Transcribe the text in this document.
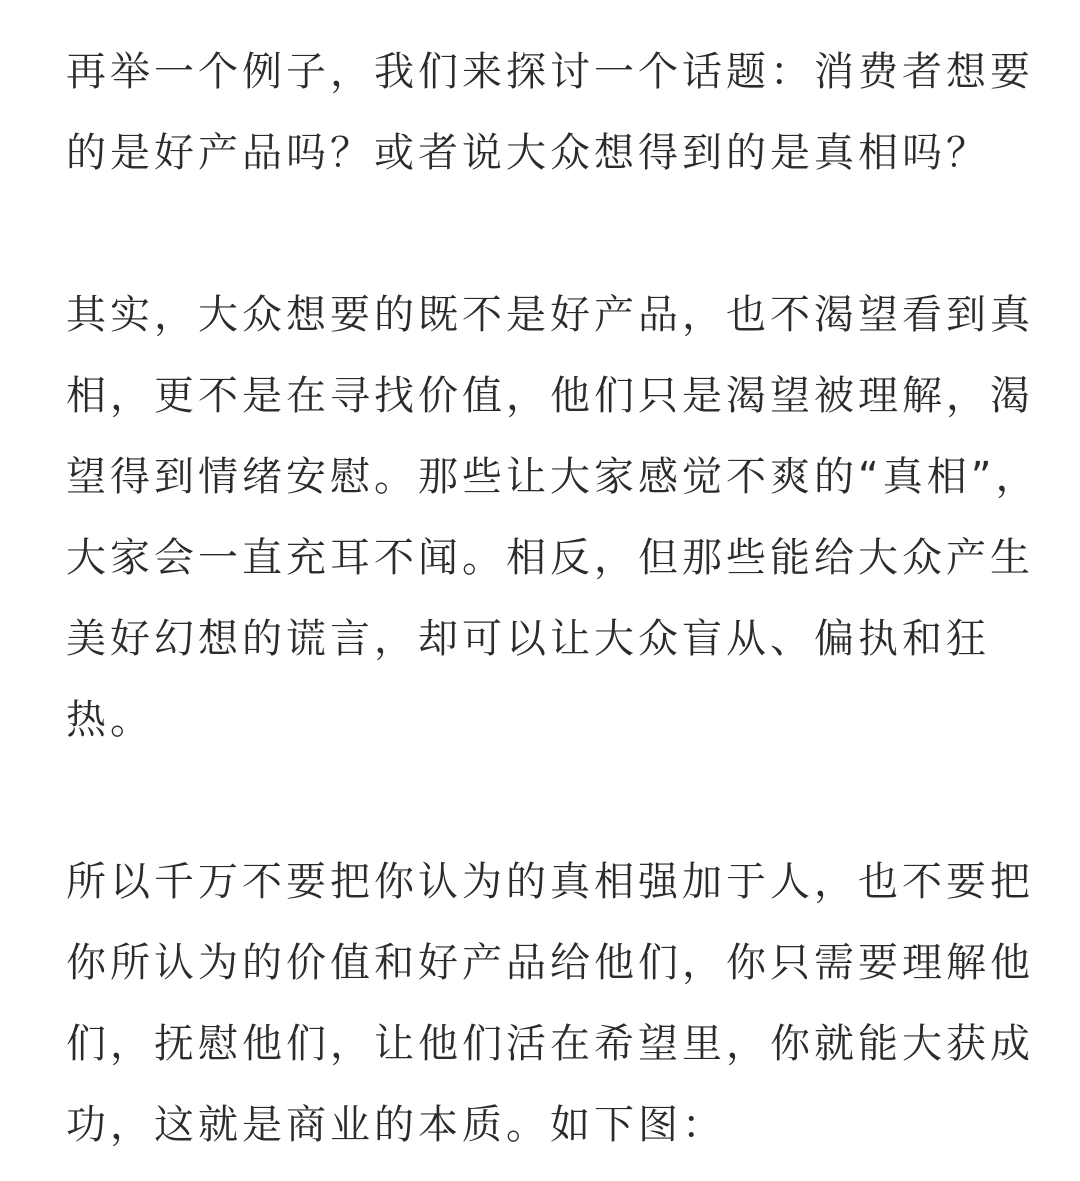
再举一个例子，我们来探讨一个话题：消费者想要
的是好产品吗？或者说大众想得到的是真相吗？

其实，大众想要的既不是好产品，也不渴望看到真
相，更不是在寻找价值，他们只是渴望被理解，渴
望得到情绪安慰。那些让大家感觉不爽的“真相”，
大家会一直充耳不闻。相反，但那些能给大众产生
美好幻想的谎言，却可以让大众盲从、偏执和狂
热。

所以千万不要把你认为的真相强加于人，也不要把
你所认为的价值和好产品给他们，你只需要理解他
们，抚慰他们，让他们活在希望里，你就能大获成
功，这就是商业的本质。如下图：
